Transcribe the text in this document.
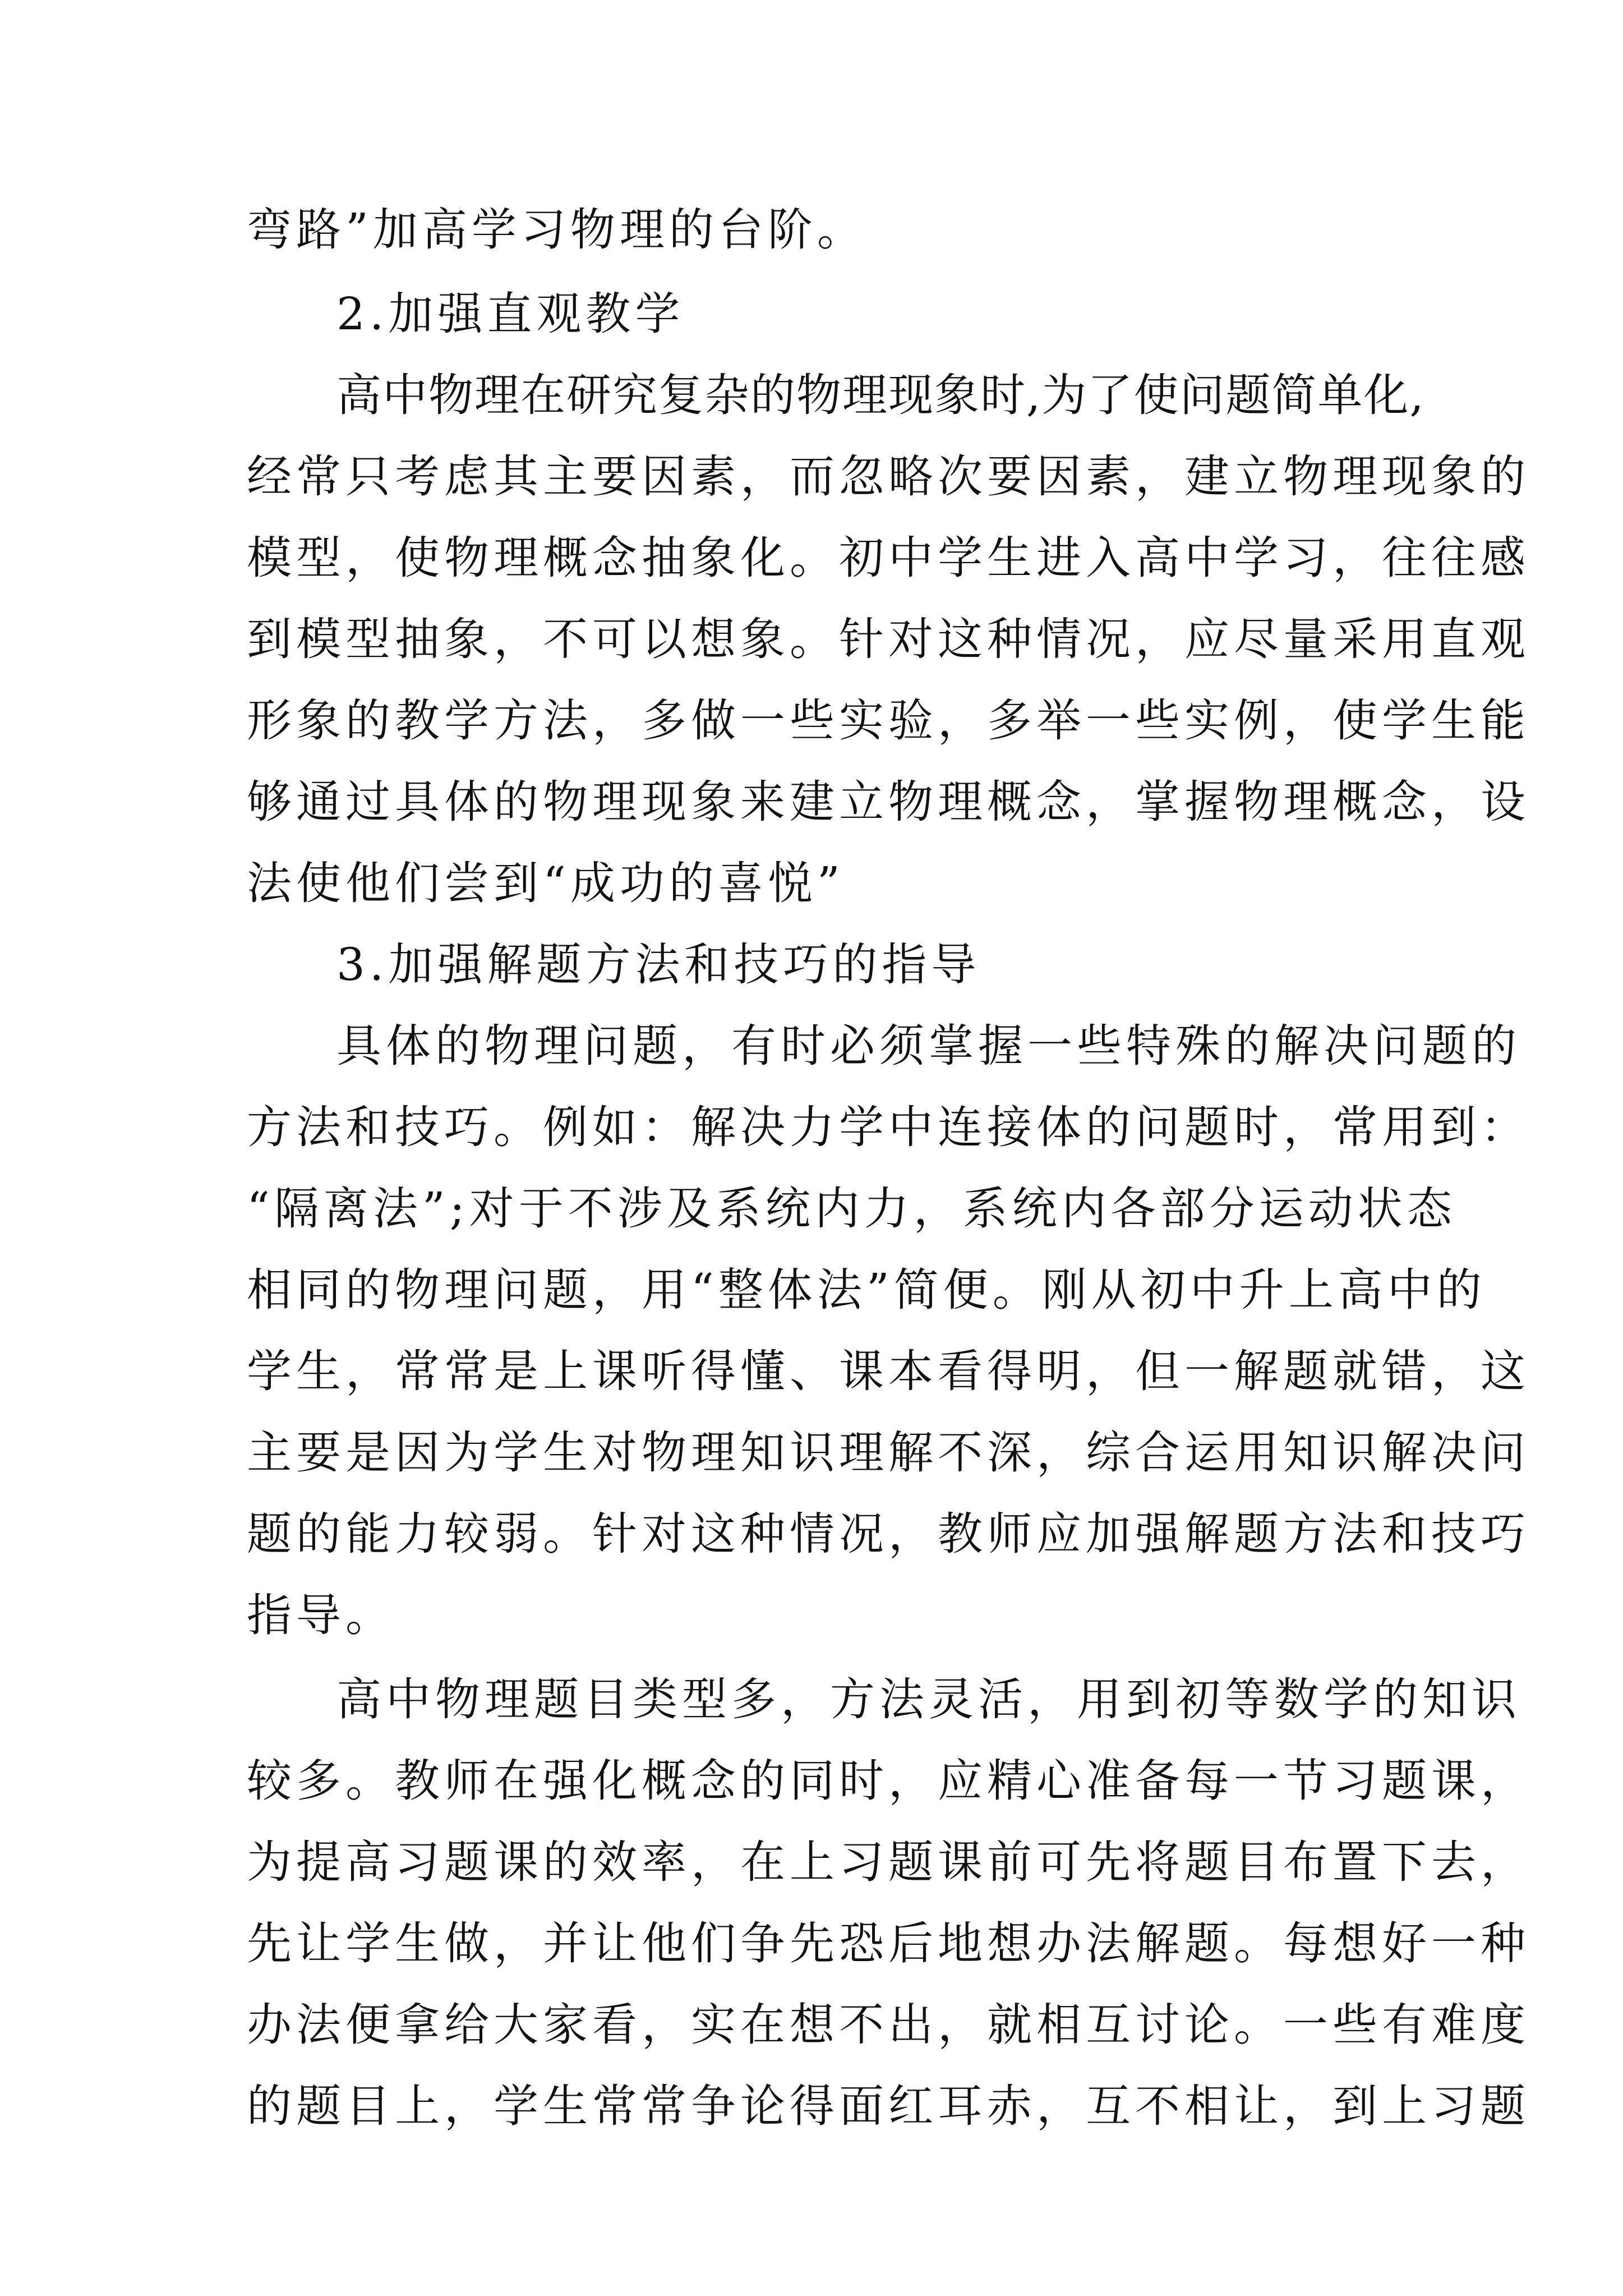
弯路”加高学习物理的台阶。
2.加强直观教学
高中物理在研究复杂的物理现象时,为了使问题简单化,
经常只考虑其主要因素，而忽略次要因素，建立物理现象的
模型，使物理概念抽象化。初中学生进入高中学习，往往感
到模型抽象，不可以想象。针对这种情况，应尽量采用直观
形象的教学方法，多做一些实验，多举一些实例，使学生能
够通过具体的物理现象来建立物理概念，掌握物理概念，设
法使他们尝到“成功的喜悦”
3.加强解题方法和技巧的指导
具体的物理问题，有时必须掌握一些特殊的解决问题的
方法和技巧。例如：解决力学中连接体的问题时，常用到：
“隔离法”;对于不涉及系统内力，系统内各部分运动状态
相同的物理问题，用“整体法”简便。刚从初中升上高中的
学生，常常是上课听得懂、课本看得明，但一解题就错，这
主要是因为学生对物理知识理解不深，综合运用知识解决问
题的能力较弱。针对这种情况，教师应加强解题方法和技巧
指导。
高中物理题目类型多，方法灵活，用到初等数学的知识
较多。教师在强化概念的同时，应精心准备每一节习题课，
为提高习题课的效率，在上习题课前可先将题目布置下去，
先让学生做，并让他们争先恐后地想办法解题。每想好一种
办法便拿给大家看，实在想不出，就相互讨论。一些有难度
的题目上，学生常常争论得面红耳赤，互不相让，到上习题
